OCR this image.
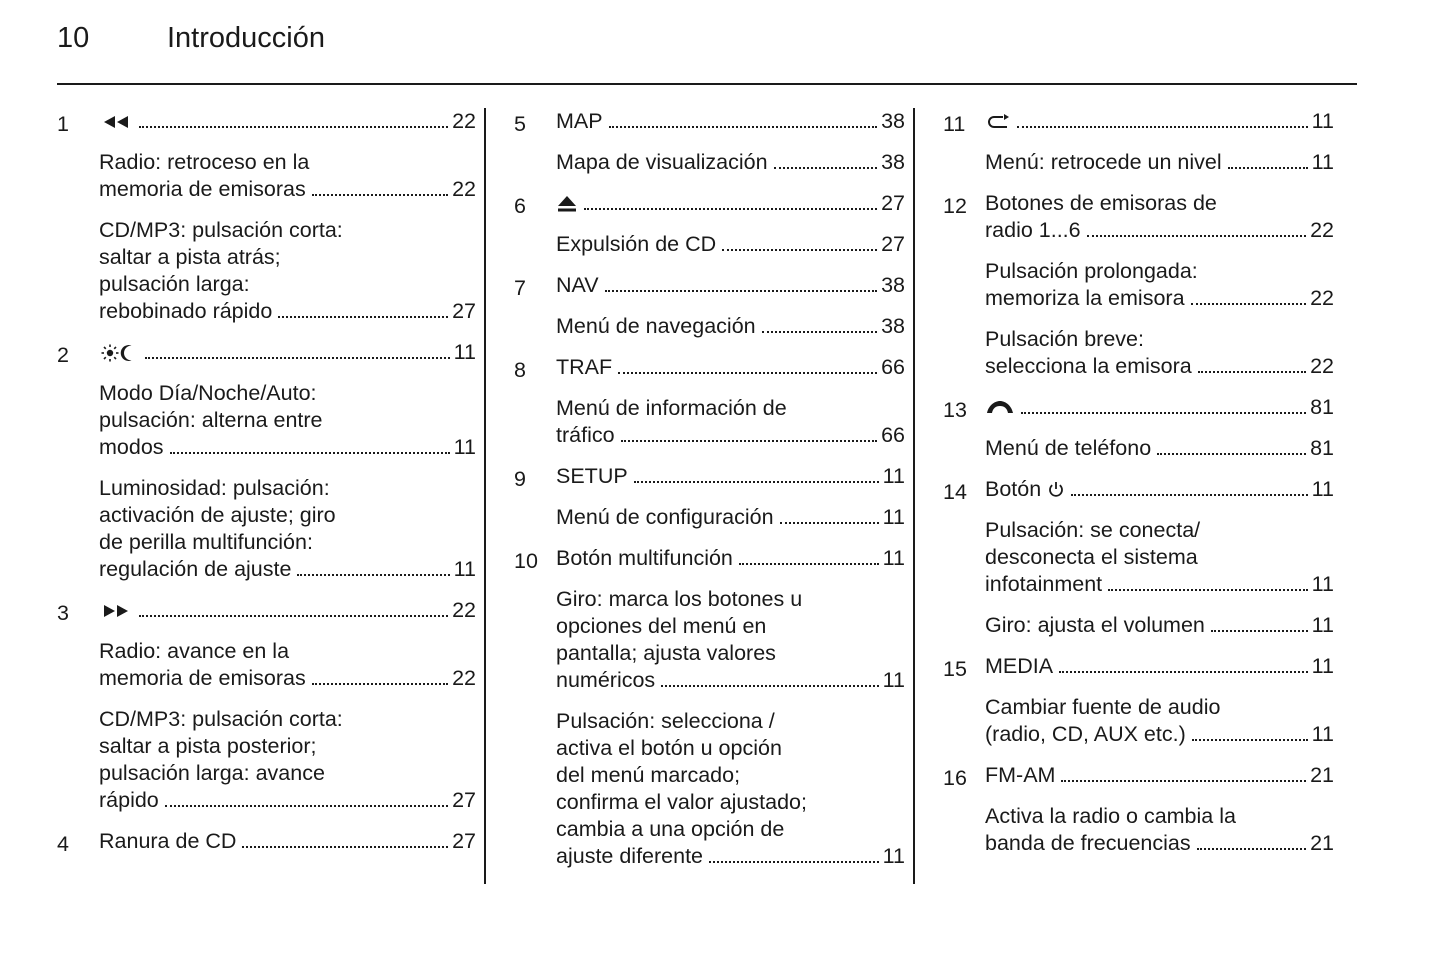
10	Introducción
1	22
Radio: retroceso en la
memoria de emisoras	22
CD/MP3: pulsación corta:
saltar a pista atrás;
pulsación larga:
rebobinado rápido	27
2	11
Modo Día/Noche/Auto:
pulsación: alterna entre
modos	11
Luminosidad: pulsación:
activación de ajuste; giro
de perilla multifunción:
regulación de ajuste	11
3	22
Radio: avance en la
memoria de emisoras	22
CD/MP3: pulsación corta:
saltar a pista posterior;
pulsación larga: avance
rápido	27
4	Ranura de CD	27
5	MAP	38
Mapa de visualización	38
6	27
Expulsión de CD	27
7	NAV	38
Menú de navegación	38
8	TRAF	66
Menú de información de
tráfico	66
9	SETUP	11
Menú de configuración	11
10 Botón multifunción	11
Giro: marca los botones u
opciones del menú en
pantalla; ajusta valores
numéricos	11
Pulsación: selecciona /
activa el botón u opción
del menú marcado;
confirma el valor ajustado;
cambia a una opción de
ajuste diferente	11
11	11
Menú: retrocede un nivel	11
12 Botones de emisoras de
radio 1...6	22
Pulsación prolongada:
memoriza la emisora	22
Pulsación breve:
selecciona la emisora	22
13	81
Menú de teléfono	81
14 Botón	11
Pulsación: se conecta/
desconecta el sistema
infotainment	11
Giro: ajusta el volumen	11
15 MEDIA	11
Cambiar fuente de audio
(radio, CD, AUX etc.)	11
16 FM-AM	21
Activa la radio o cambia la
banda de frecuencias	21
